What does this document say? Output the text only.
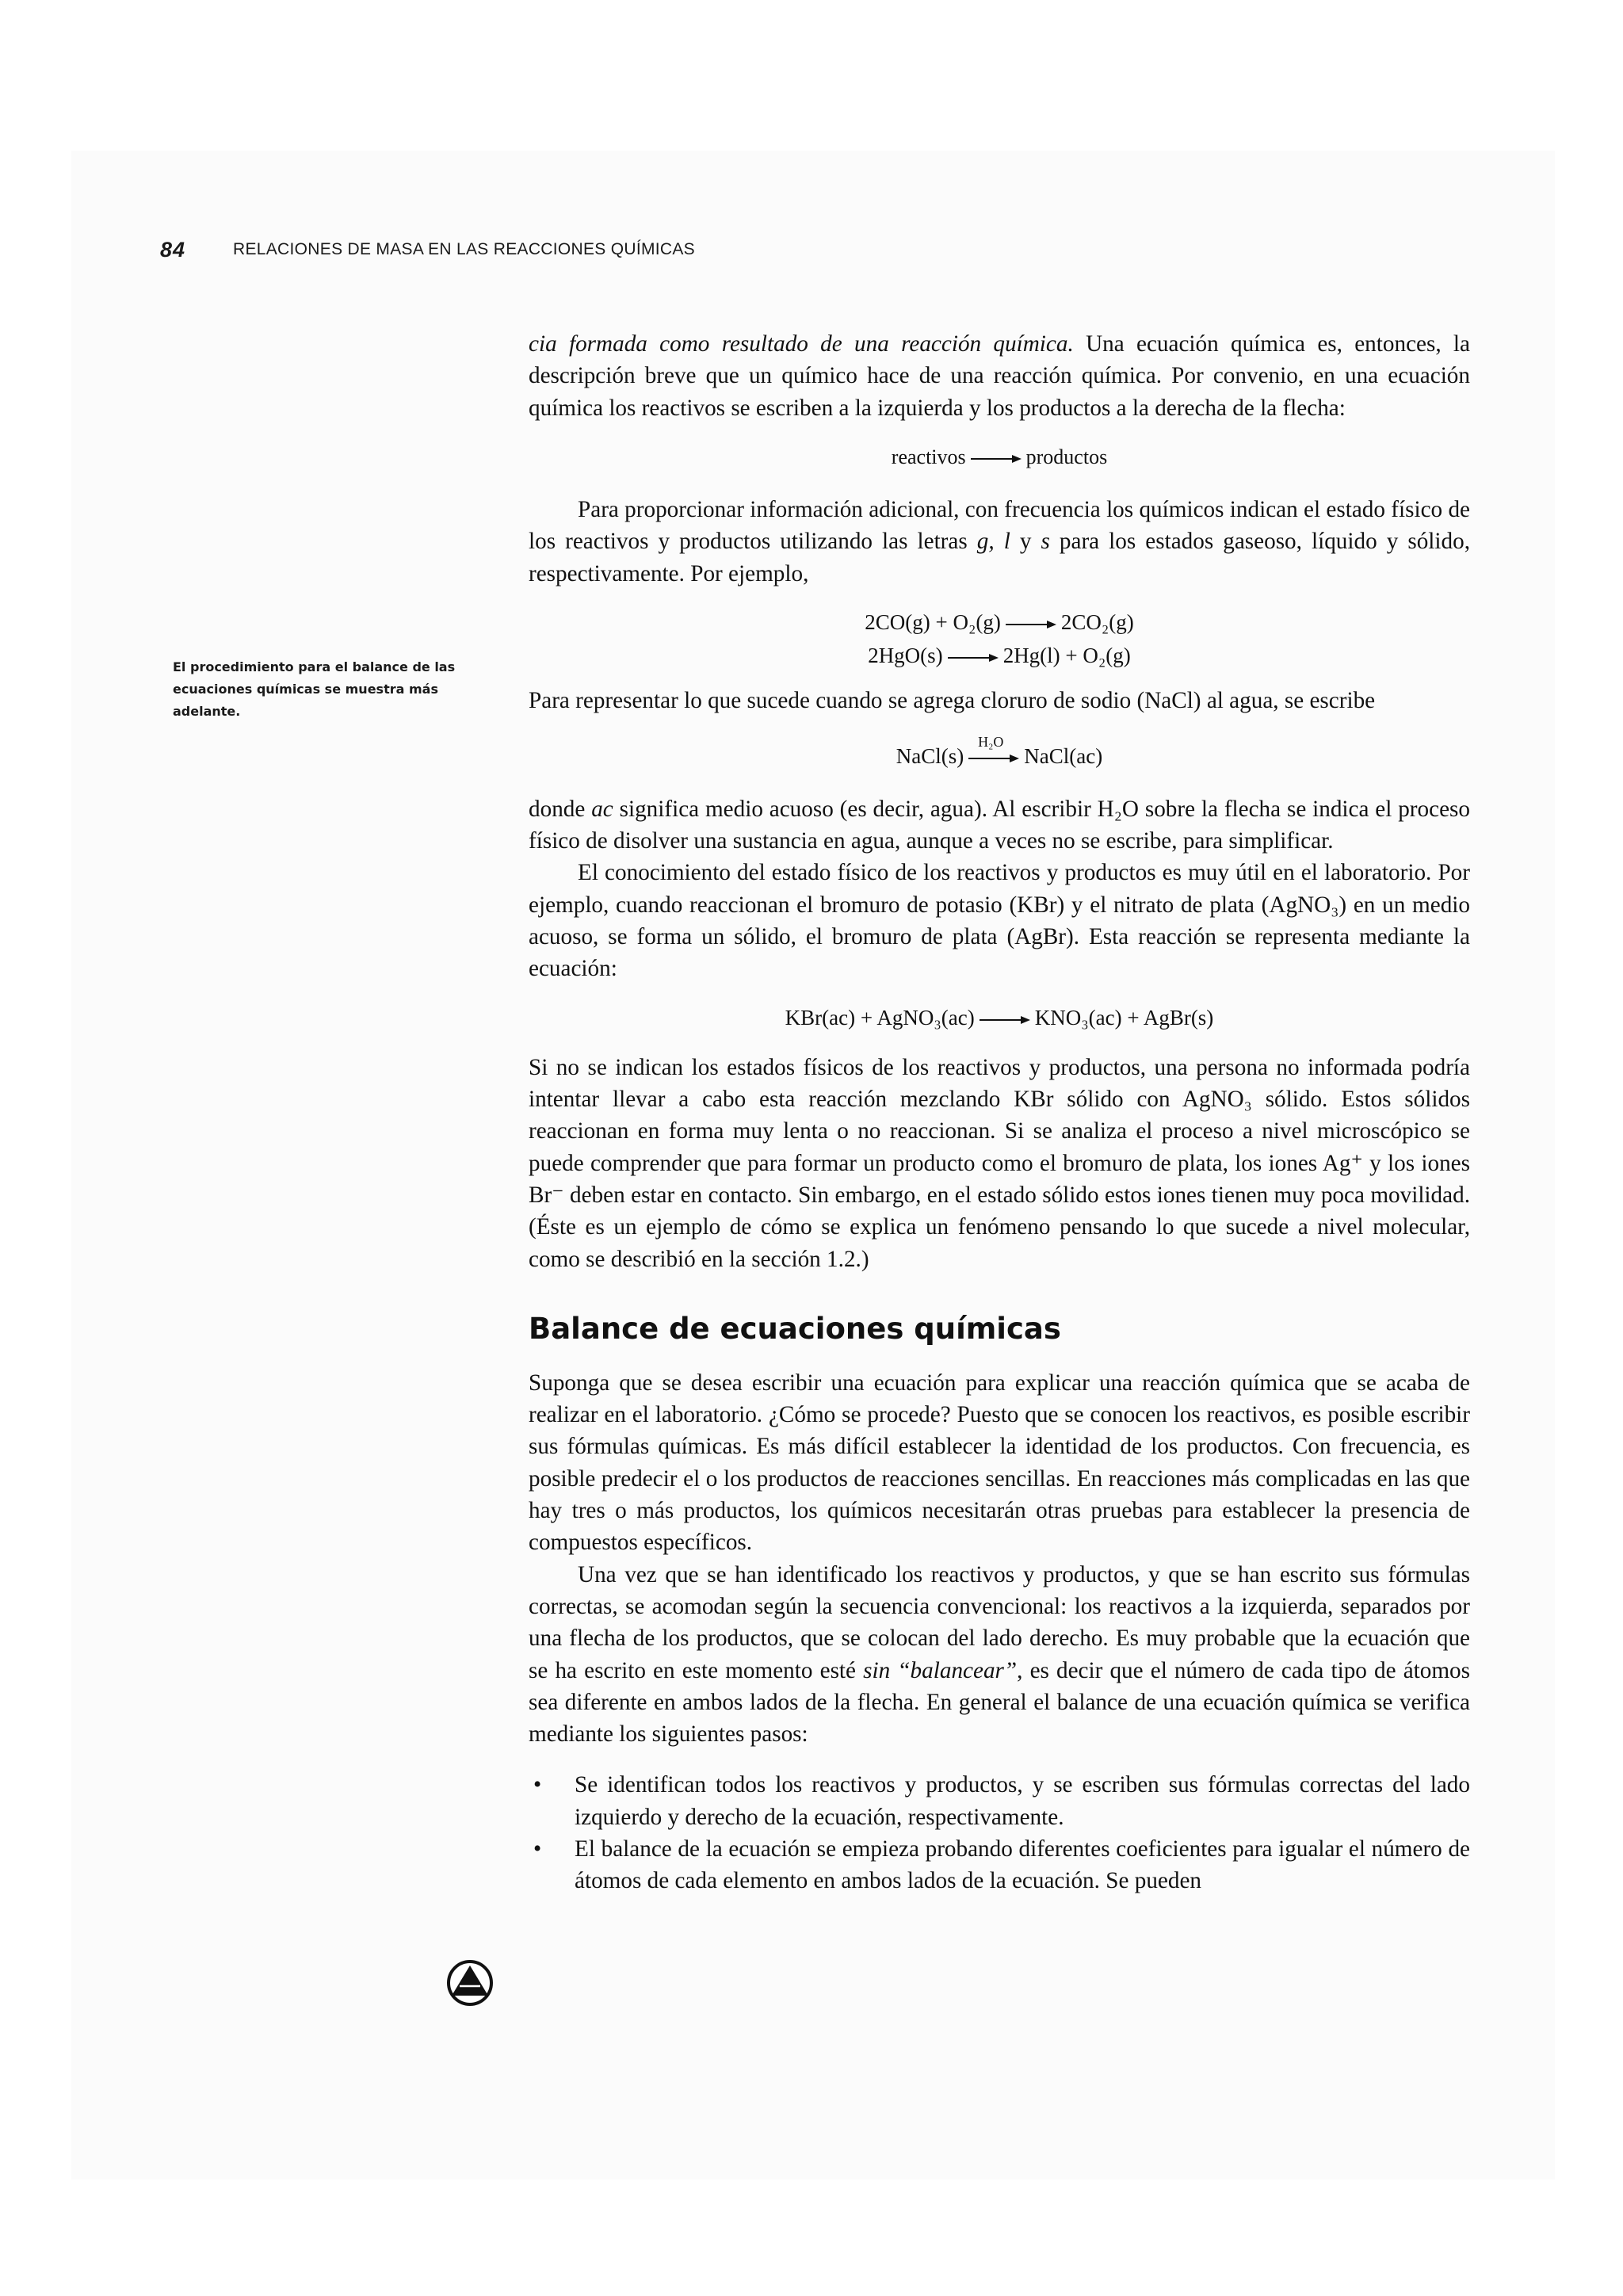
84	RELACIONES DE MASA EN LAS REACCIONES QUÍMICAS
El procedimiento para el balance de las ecuaciones químicas se muestra más adelante.

cia formada como resultado de una reacción química. Una ecuación química es, entonces, la descripción breve que un químico hace de una reacción química. Por convenio, en una ecuación química los reactivos se escriben a la izquierda y los productos a la derecha de la flecha:

reactivos	productos

Para proporcionar información adicional, con frecuencia los químicos indican el estado físico de los reactivos y productos utilizando las letras g, l y s para los estados gaseoso, líquido y sólido, respectivamente. Por ejemplo,

2CO(g) + O₂(g)	2CO₂(g)
2HgO(s)	2Hg(l) + O₂(g)

Para representar lo que sucede cuando se agrega cloruro de sodio (NaCl) al agua, se escribe

NaCl(s)
H₂O
NaCl(ac)

donde ac significa medio acuoso (es decir, agua). Al escribir H₂O sobre la flecha se indica el proceso físico de disolver una sustancia en agua, aunque a veces no se escribe, para simplificar.

El conocimiento del estado físico de los reactivos y productos es muy útil en el laboratorio. Por ejemplo, cuando reaccionan el bromuro de potasio (KBr) y el nitrato de plata (AgNO₃) en un medio acuoso, se forma un sólido, el bromuro de plata (AgBr). Esta reacción se representa mediante la ecuación:

KBr(ac) + AgNO₃(ac)	KNO₃(ac) + AgBr(s)

Si no se indican los estados físicos de los reactivos y productos, una persona no informada podría intentar llevar a cabo esta reacción mezclando KBr sólido con AgNO₃ sólido. Estos sólidos reaccionan en forma muy lenta o no reaccionan. Si se analiza el proceso a nivel microscópico se puede comprender que para formar un producto como el bromuro de plata, los iones Ag⁺ y los iones Br⁻ deben estar en contacto. Sin embargo, en el estado sólido estos iones tienen muy poca movilidad. (Éste es un ejemplo de cómo se explica un fenómeno pensando lo que sucede a nivel molecular, como se describió en la sección 1.2.)

Balance de ecuaciones químicas

Suponga que se desea escribir una ecuación para explicar una reacción química que se acaba de realizar en el laboratorio. ¿Cómo se procede? Puesto que se conocen los reactivos, es posible escribir sus fórmulas químicas. Es más difícil establecer la identidad de los productos. Con frecuencia, es posible predecir el o los productos de reacciones sencillas. En reacciones más complicadas en las que hay tres o más productos, los químicos necesitarán otras pruebas para establecer la presencia de compuestos específicos.

Una vez que se han identificado los reactivos y productos, y que se han escrito sus fórmulas correctas, se acomodan según la secuencia convencional: los reactivos a la izquierda, separados por una flecha de los productos, que se colocan del lado derecho. Es muy probable que la ecuación que se ha escrito en este momento esté sin “balancear”, es decir que el número de cada tipo de átomos sea diferente en ambos lados de la flecha. En general el balance de una ecuación química se verifica mediante los siguientes pasos:

• Se identifican todos los reactivos y productos, y se escriben sus fórmulas correctas del lado izquierdo y derecho de la ecuación, respectivamente.
• El balance de la ecuación se empieza probando diferentes coeficientes para igualar el número de átomos de cada elemento en ambos lados de la ecuación. Se pueden
